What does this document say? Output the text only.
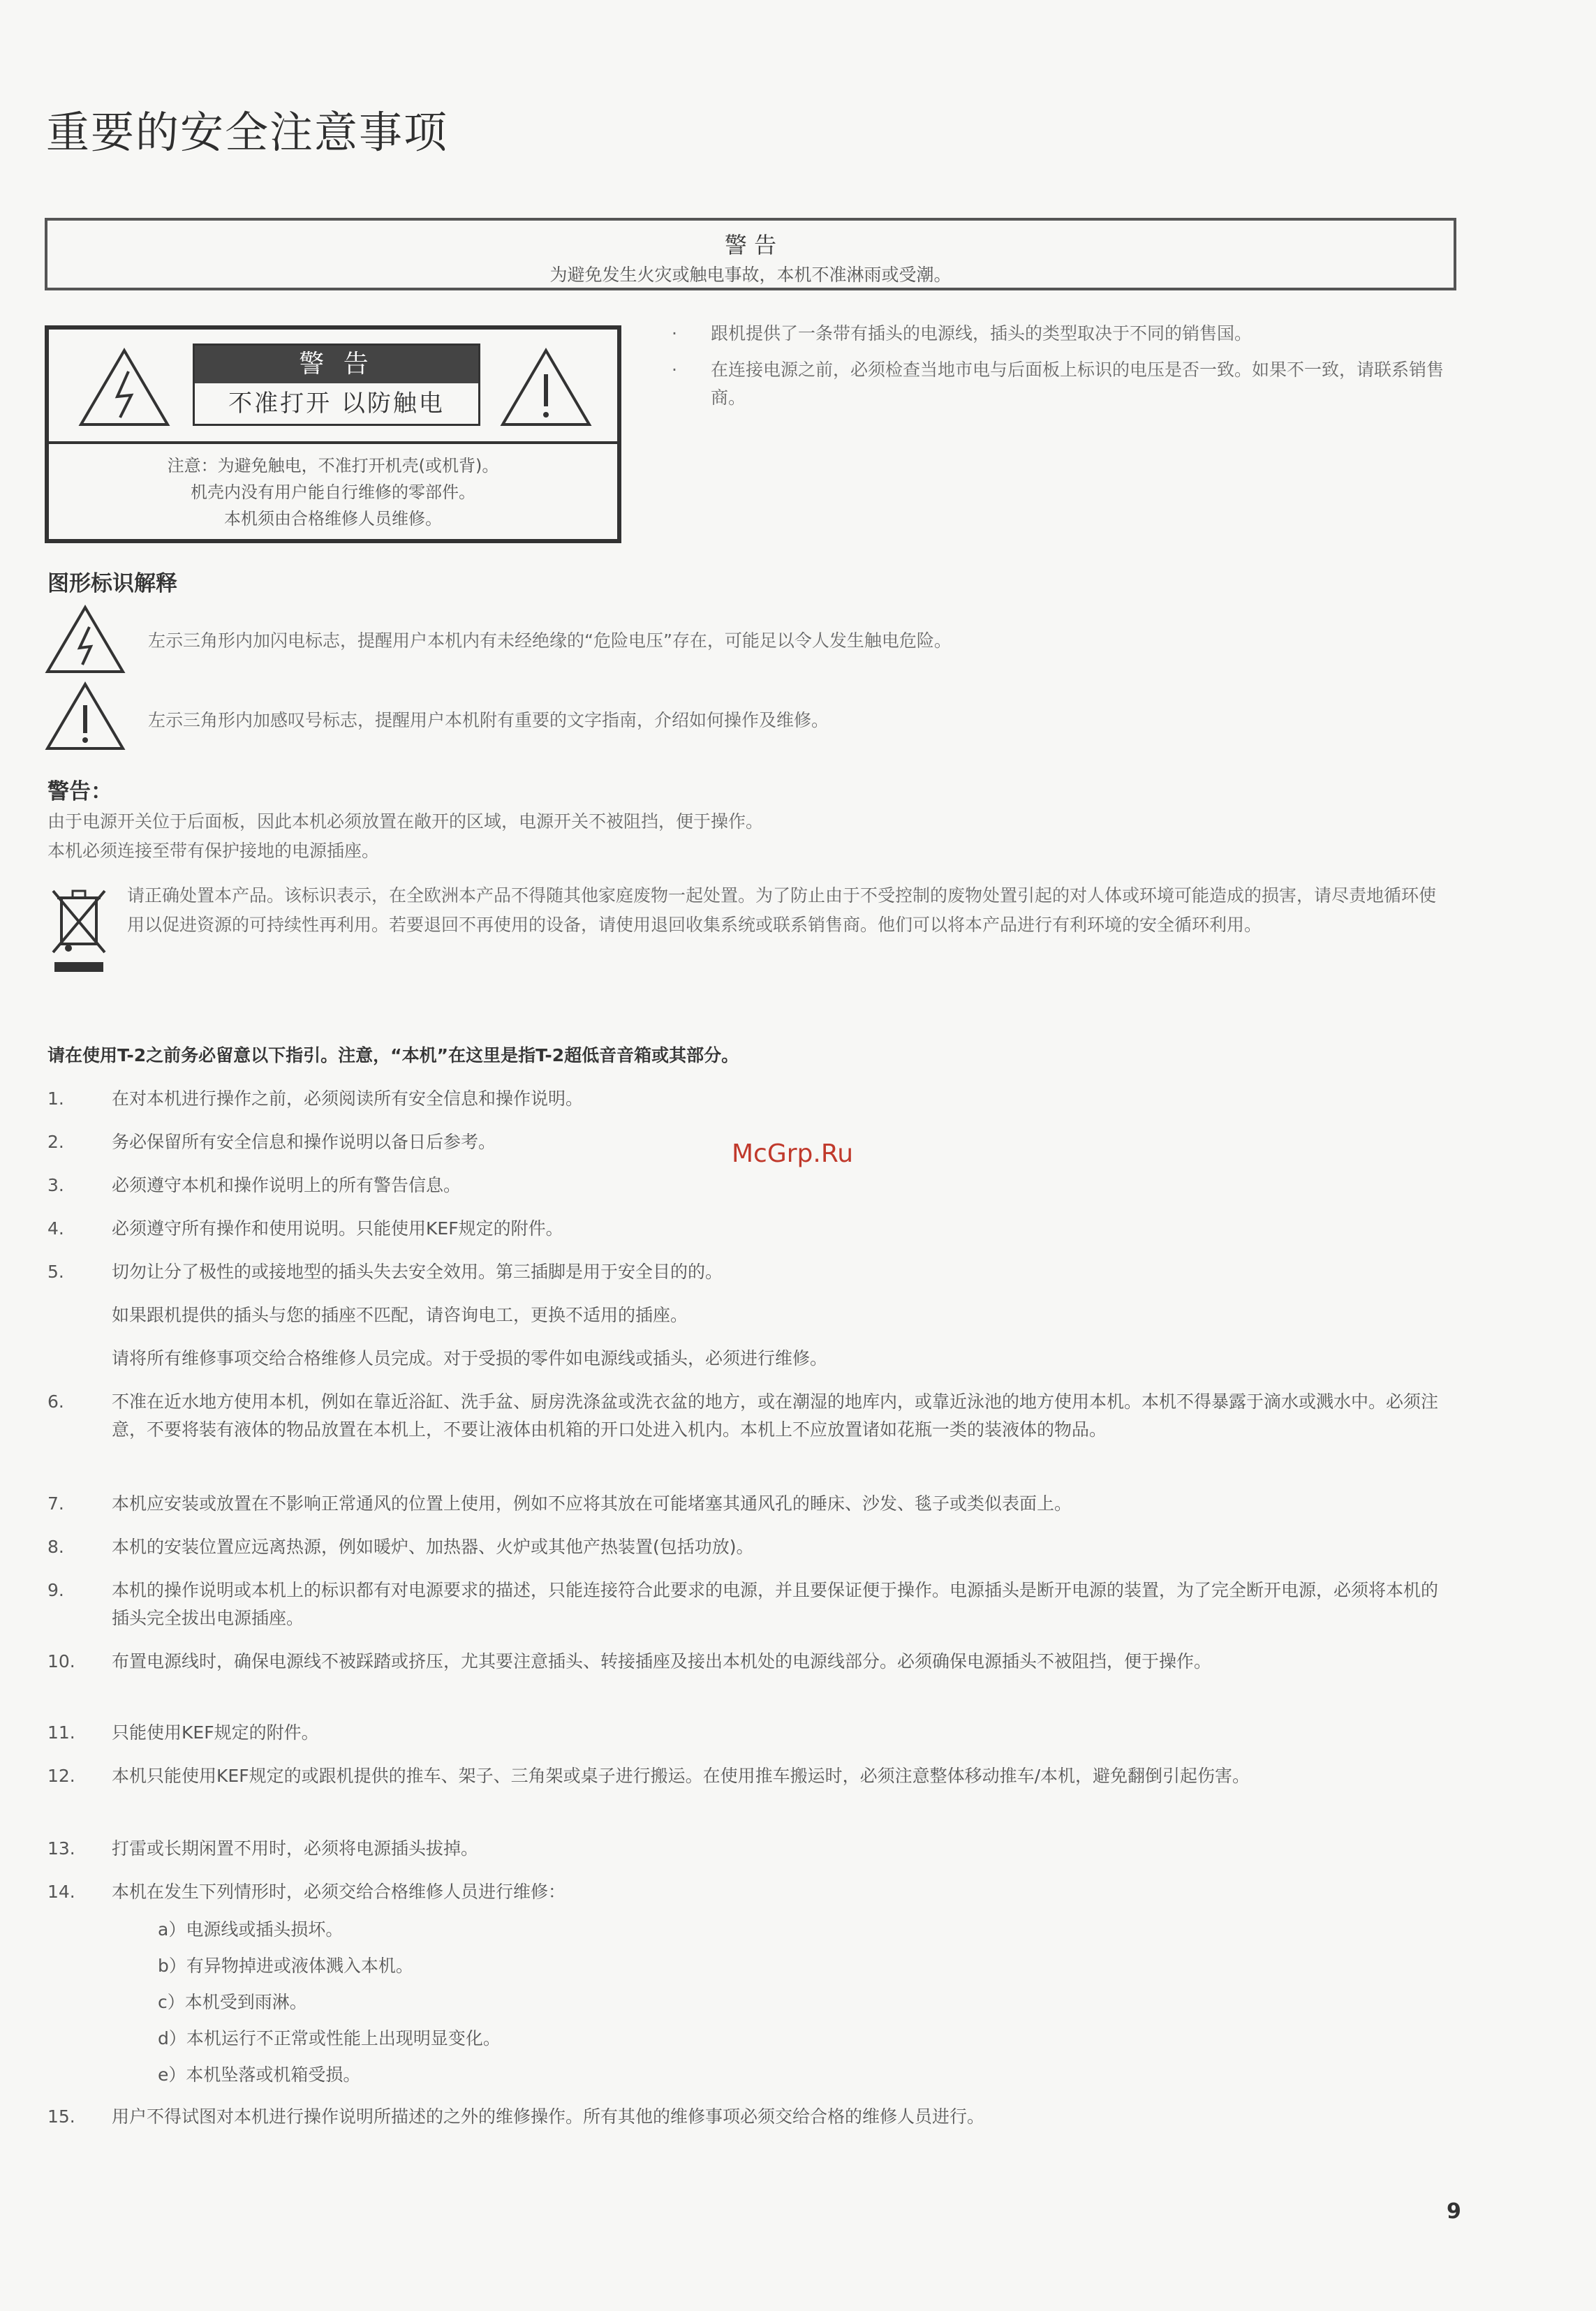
重要的安全注意事项
警 告
为避免发生火灾或触电事故，本机不准淋雨或受潮。
警 告
不准打开 以防触电
注意：为避免触电，不准打开机壳(或机背)。
机壳内没有用户能自行维修的零部件。
本机须由合格维修人员维修。
· 跟机提供了一条带有插头的电源线，插头的类型取决于不同的销售国。
· 在连接电源之前，必须检查当地市电与后面板上标识的电压是否一致。如果不一致，请联系销售商。
图形标识解释
左示三角形内加闪电标志，提醒用户本机内有未经绝缘的“危险电压”存在，可能足以令人发生触电危险。
左示三角形内加感叹号标志，提醒用户本机附有重要的文字指南，介绍如何操作及维修。
警告：
由于电源开关位于后面板，因此本机必须放置在敞开的区域，电源开关不被阻挡，便于操作。
本机必须连接至带有保护接地的电源插座。
请正确处置本产品。该标识表示，在全欧洲本产品不得随其他家庭废物一起处置。为了防止由于不受控制的废物处置引起的对人体或环境可能造成的损害，请尽责地循环使用以促进资源的可持续性再利用。若要退回不再使用的设备，请使用退回收集系统或联系销售商。他们可以将本产品进行有利环境的安全循环利用。
请在使用T-2之前务必留意以下指引。注意，“本机”在这里是指T-2超低音音箱或其部分。
1.	在对本机进行操作之前，必须阅读所有安全信息和操作说明。
2.	务必保留所有安全信息和操作说明以备日后参考。
3.	必须遵守本机和操作说明上的所有警告信息。
4.	必须遵守所有操作和使用说明。只能使用KEF规定的附件。
5.	切勿让分了极性的或接地型的插头失去安全效用。第三插脚是用于安全目的的。
如果跟机提供的插头与您的插座不匹配，请咨询电工，更换不适用的插座。
请将所有维修事项交给合格维修人员完成。对于受损的零件如电源线或插头，必须进行维修。
6.	不准在近水地方使用本机，例如在靠近浴缸、洗手盆、厨房洗涤盆或洗衣盆的地方，或在潮湿的地库内，或靠近泳池的地方使用本机。本机不得暴露于滴水或溅水中。必须注意，不要将装有液体的物品放置在本机上，不要让液体由机箱的开口处进入机内。本机上不应放置诸如花瓶一类的装液体的物品。
7.	本机应安装或放置在不影响正常通风的位置上使用，例如不应将其放在可能堵塞其通风孔的睡床、沙发、毯子或类似表面上。
8.	本机的安装位置应远离热源，例如暖炉、加热器、火炉或其他产热装置(包括功放)。
9.	本机的操作说明或本机上的标识都有对电源要求的描述，只能连接符合此要求的电源，并且要保证便于操作。电源插头是断开电源的装置，为了完全断开电源，必须将本机的插头完全拔出电源插座。
10. 布置电源线时，确保电源线不被踩踏或挤压，尤其要注意插头、转接插座及接出本机处的电源线部分。必须确保电源插头不被阻挡，便于操作。
11. 只能使用KEF规定的附件。
12. 本机只能使用KEF规定的或跟机提供的推车、架子、三角架或桌子进行搬运。在使用推车搬运时，必须注意整体移动推车/本机，避免翻倒引起伤害。
13. 打雷或长期闲置不用时，必须将电源插头拔掉。
14. 本机在发生下列情形时，必须交给合格维修人员进行维修：
a）电源线或插头损坏。
b）有异物掉进或液体溅入本机。
c）本机受到雨淋。
d）本机运行不正常或性能上出现明显变化。
e）本机坠落或机箱受损。
15. 用户不得试图对本机进行操作说明所描述的之外的维修操作。所有其他的维修事项必须交给合格的维修人员进行。
McGrp.Ru
9
